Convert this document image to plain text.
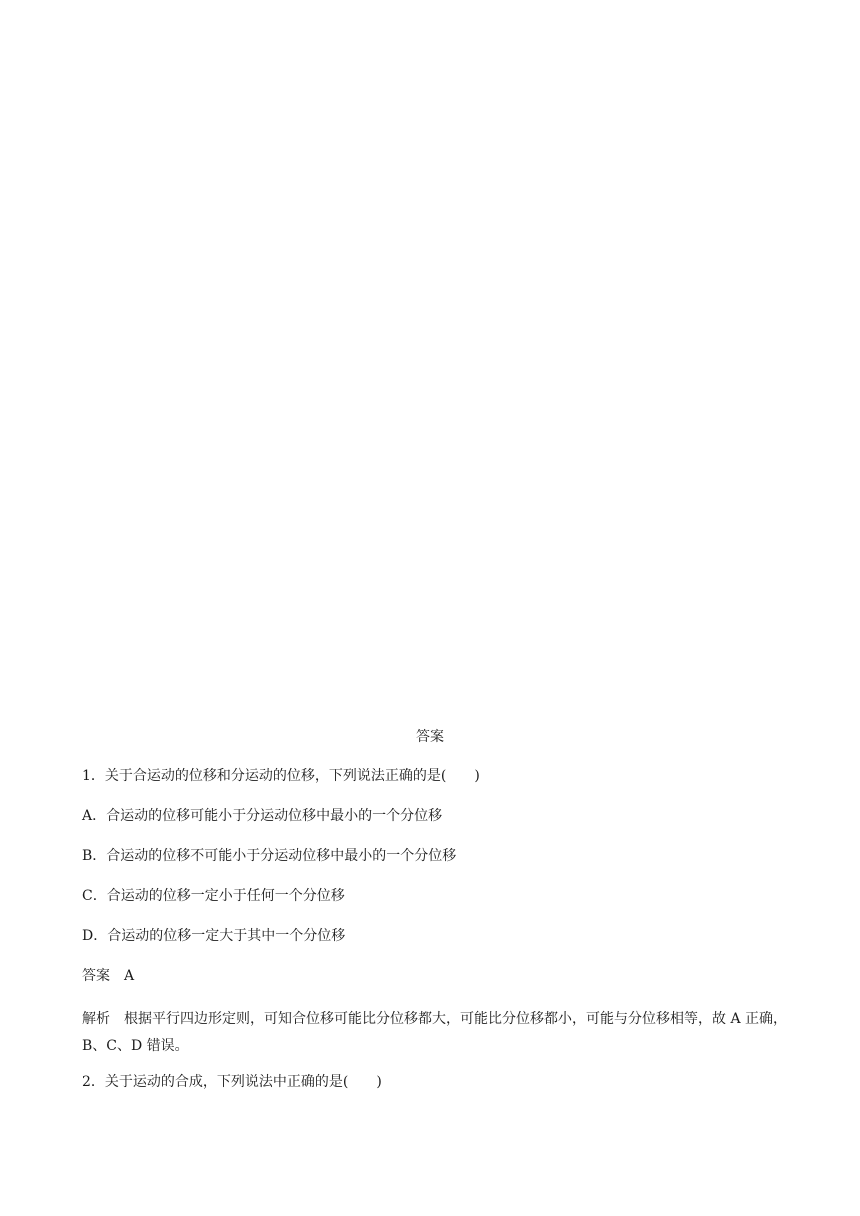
答案
1．关于合运动的位移和分运动的位移，下列说法正确的是(　　)
A．合运动的位移可能小于分运动位移中最小的一个分位移
B．合运动的位移不可能小于分运动位移中最小的一个分位移
C．合运动的位移一定小于任何一个分位移
D．合运动的位移一定大于其中一个分位移
答案 A
解析 根据平行四边形定则，可知合位移可能比分位移都大，可能比分位移都小，可能与分位移相等，故 A 正确，B、C、D 错误。
2．关于运动的合成，下列说法中正确的是(　　)
